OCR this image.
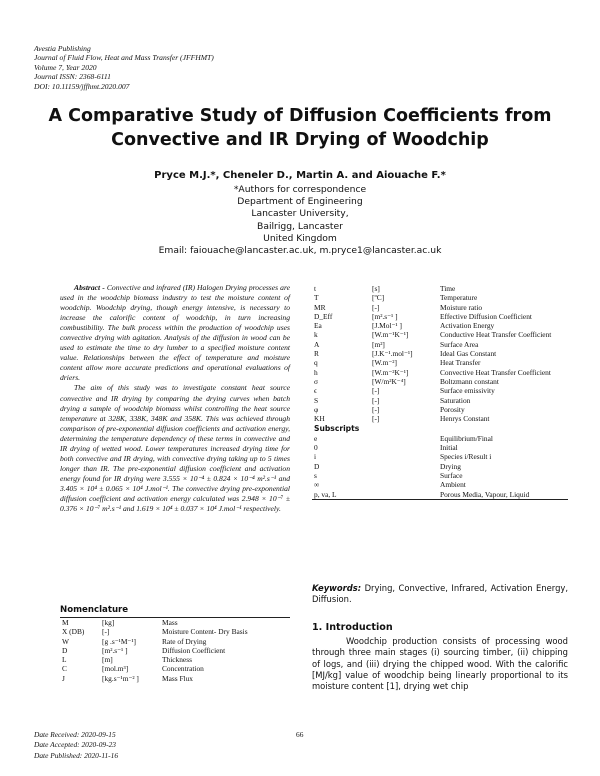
Avestia Publishing
Journal of Fluid Flow, Heat and Mass Transfer (JFFHMT)
Volume 7, Year 2020
Journal ISSN: 2368-6111
DOI: 10.11159/jffhmt.2020.007
A Comparative Study of Diffusion Coefficients from Convective and IR Drying of Woodchip
Pryce M.J.*, Cheneler D., Martin A. and Aiouache F.*
*Authors for correspondence
Department of Engineering
Lancaster University,
Bailrigg, Lancaster
United Kingdom
Email: faiouache@lancaster.ac.uk, m.pryce1@lancaster.ac.uk

Abstract - Convective and infrared (IR) Halogen Drying processes are used in the woodchip biomass industry to test the moisture content of woodchip. Woodchip drying, though energy intensive, is necessary to increase the calorific content of woodchip, in turn increasing combustibility. The bulk process within the production of woodchip uses convective drying with agitation. Analysis of the diffusion in wood can be used to estimate the time to dry lumber to a specified moisture content value. Relationships between the effect of temperature and moisture content allow more accurate predictions and operational evaluations of driers.

The aim of this study was to investigate constant heat source convective and IR drying by comparing the drying curves when batch drying a sample of woodchip biomass whilst controlling the heat source temperature at 328K, 338K, 348K and 358K. This was achieved through comparison of pre-exponential diffusion coefficients and activation energy, determining the temperature dependency of these terms in convective and IR drying of wetted wood. Lower temperatures increased drying time for both convective and IR drying, with convective drying taking up to 5 times longer than IR. The pre-exponential diffusion coefficient and activation energy found for IR drying were 3.555 × 10⁻⁴ ± 0.824 × 10⁻⁴ m².s⁻¹ and 3.405 × 10⁴ ± 0.065 × 10⁴ J.mol⁻¹. The convective drying pre-exponential diffusion coefficient and activation energy calculated was 2.948 × 10⁻⁷ ± 0.376 × 10⁻⁷ m².s⁻¹ and 1.619 × 10⁴ ± 0.037 × 10⁴ J.mol⁻¹ respectively.

Nomenclature
M	[kg]	Mass
X (DB)	[-]	Moisture Content- Dry Basis
W	[g .s⁻¹M⁻¹]	Rate of Drying
D	[m².s⁻¹ ]	Diffusion Coefficient
L	[m]	Thickness
C	[mol.m³]	Concentration
J	[kg.s⁻¹m⁻² ]	Mass Flux
t	[s]	Time
T	[ºC]	Temperature
MR	[-]	Moisture ratio
D_Eff	[m².s⁻¹ ]	Effective Diffusion Coefficient
Ea	[J.Mol⁻¹ ]	Activation Energy
k	[W.m⁻¹K⁻¹]	Conductive Heat Transfer Coefficient
A	[m²]	Surface Area
R	[J.K⁻¹.mol⁻¹]	Ideal Gas Constant
q	[W.m⁻²]	Heat Transfer
h	[W.m⁻²K⁻¹]	Convective Heat Transfer Coefficient
σ	[W/m²K⁻⁴]	Boltzmann constant
ϵ	[-]	Surface emissivity
S	[-]	Saturation
φ	[-]	Porosity
KH	[-]	Henrys Constant
Subscripts		
e		Equilibrium/Final
0		Initial
i		Species i/Result i
D		Drying
s		Surface
∞		Ambient
p, va, L		Porous Media, Vapour, Liquid
Keywords: Drying, Convective, Infrared, Activation Energy, Diffusion.
1. Introduction

Woodchip production consists of processing wood through three main stages (i) sourcing timber, (ii) chipping of logs, and (iii) drying the chipped wood. With the calorific [MJ/kg] value of woodchip being linearly proportional to its moisture content [1], drying wet chip

Date Received: 2020-09-15
Date Accepted: 2020-09-23
Date Published: 2020-11-16
66
